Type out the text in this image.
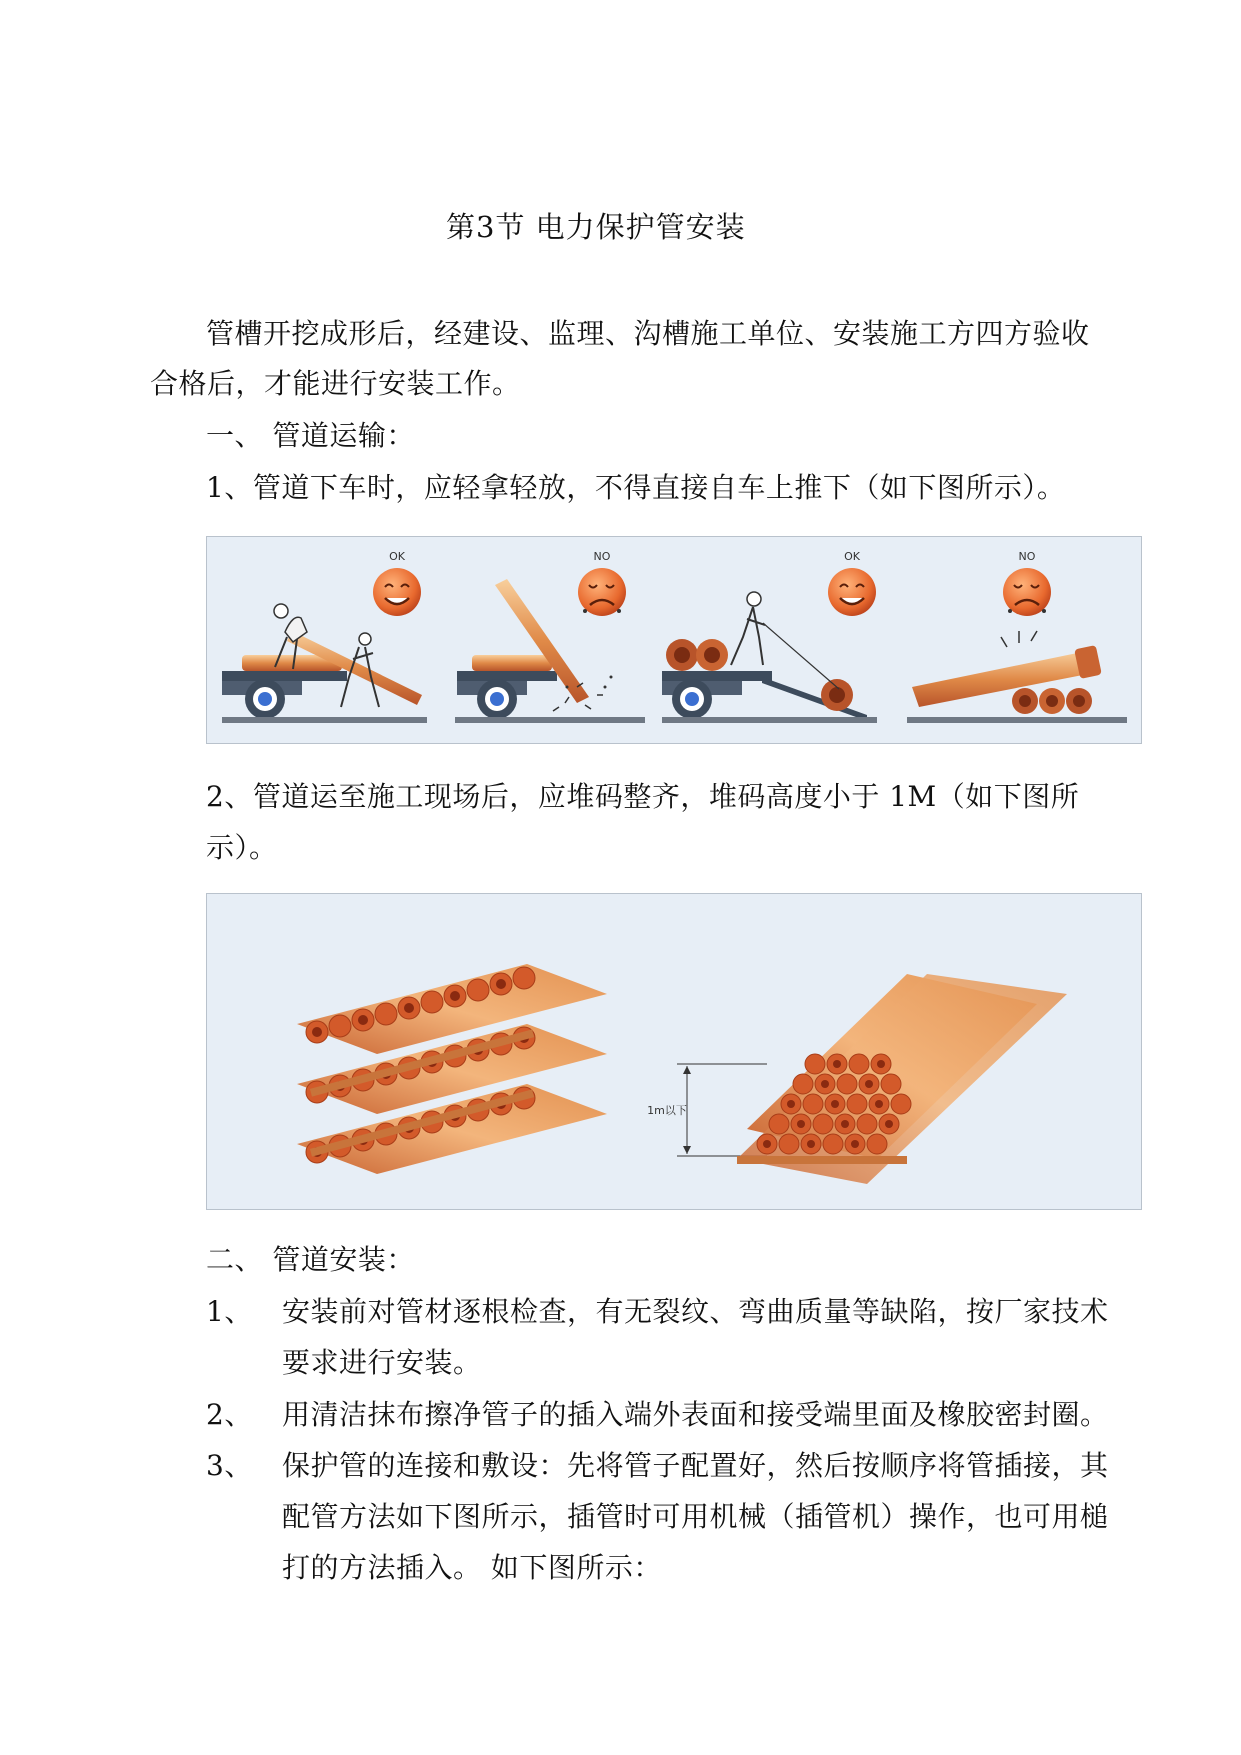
第3节 电力保护管安装
管槽开挖成形后，经建设、监理、沟槽施工单位、安装施工方四方验收
合格后，才能进行安装工作。
一、 管道运输：
1、管道下车时，应轻拿轻放，不得直接自车上推下（如下图所示）。
OK	NO	OK	NO
2、管道运至施工现场后，应堆码整齐，堆码高度小于 1M（如下图所
示）。
1m以下
二、 管道安装：
1、 安装前对管材逐根检查，有无裂纹、弯曲质量等缺陷，按厂家技术
要求进行安装。
2、 用清洁抹布擦净管子的插入端外表面和接受端里面及橡胶密封圈。
3、 保护管的连接和敷设：先将管子配置好，然后按顺序将管插接，其
配管方法如下图所示，插管时可用机械（插管机）操作，也可用槌
打的方法插入。 如下图所示：
